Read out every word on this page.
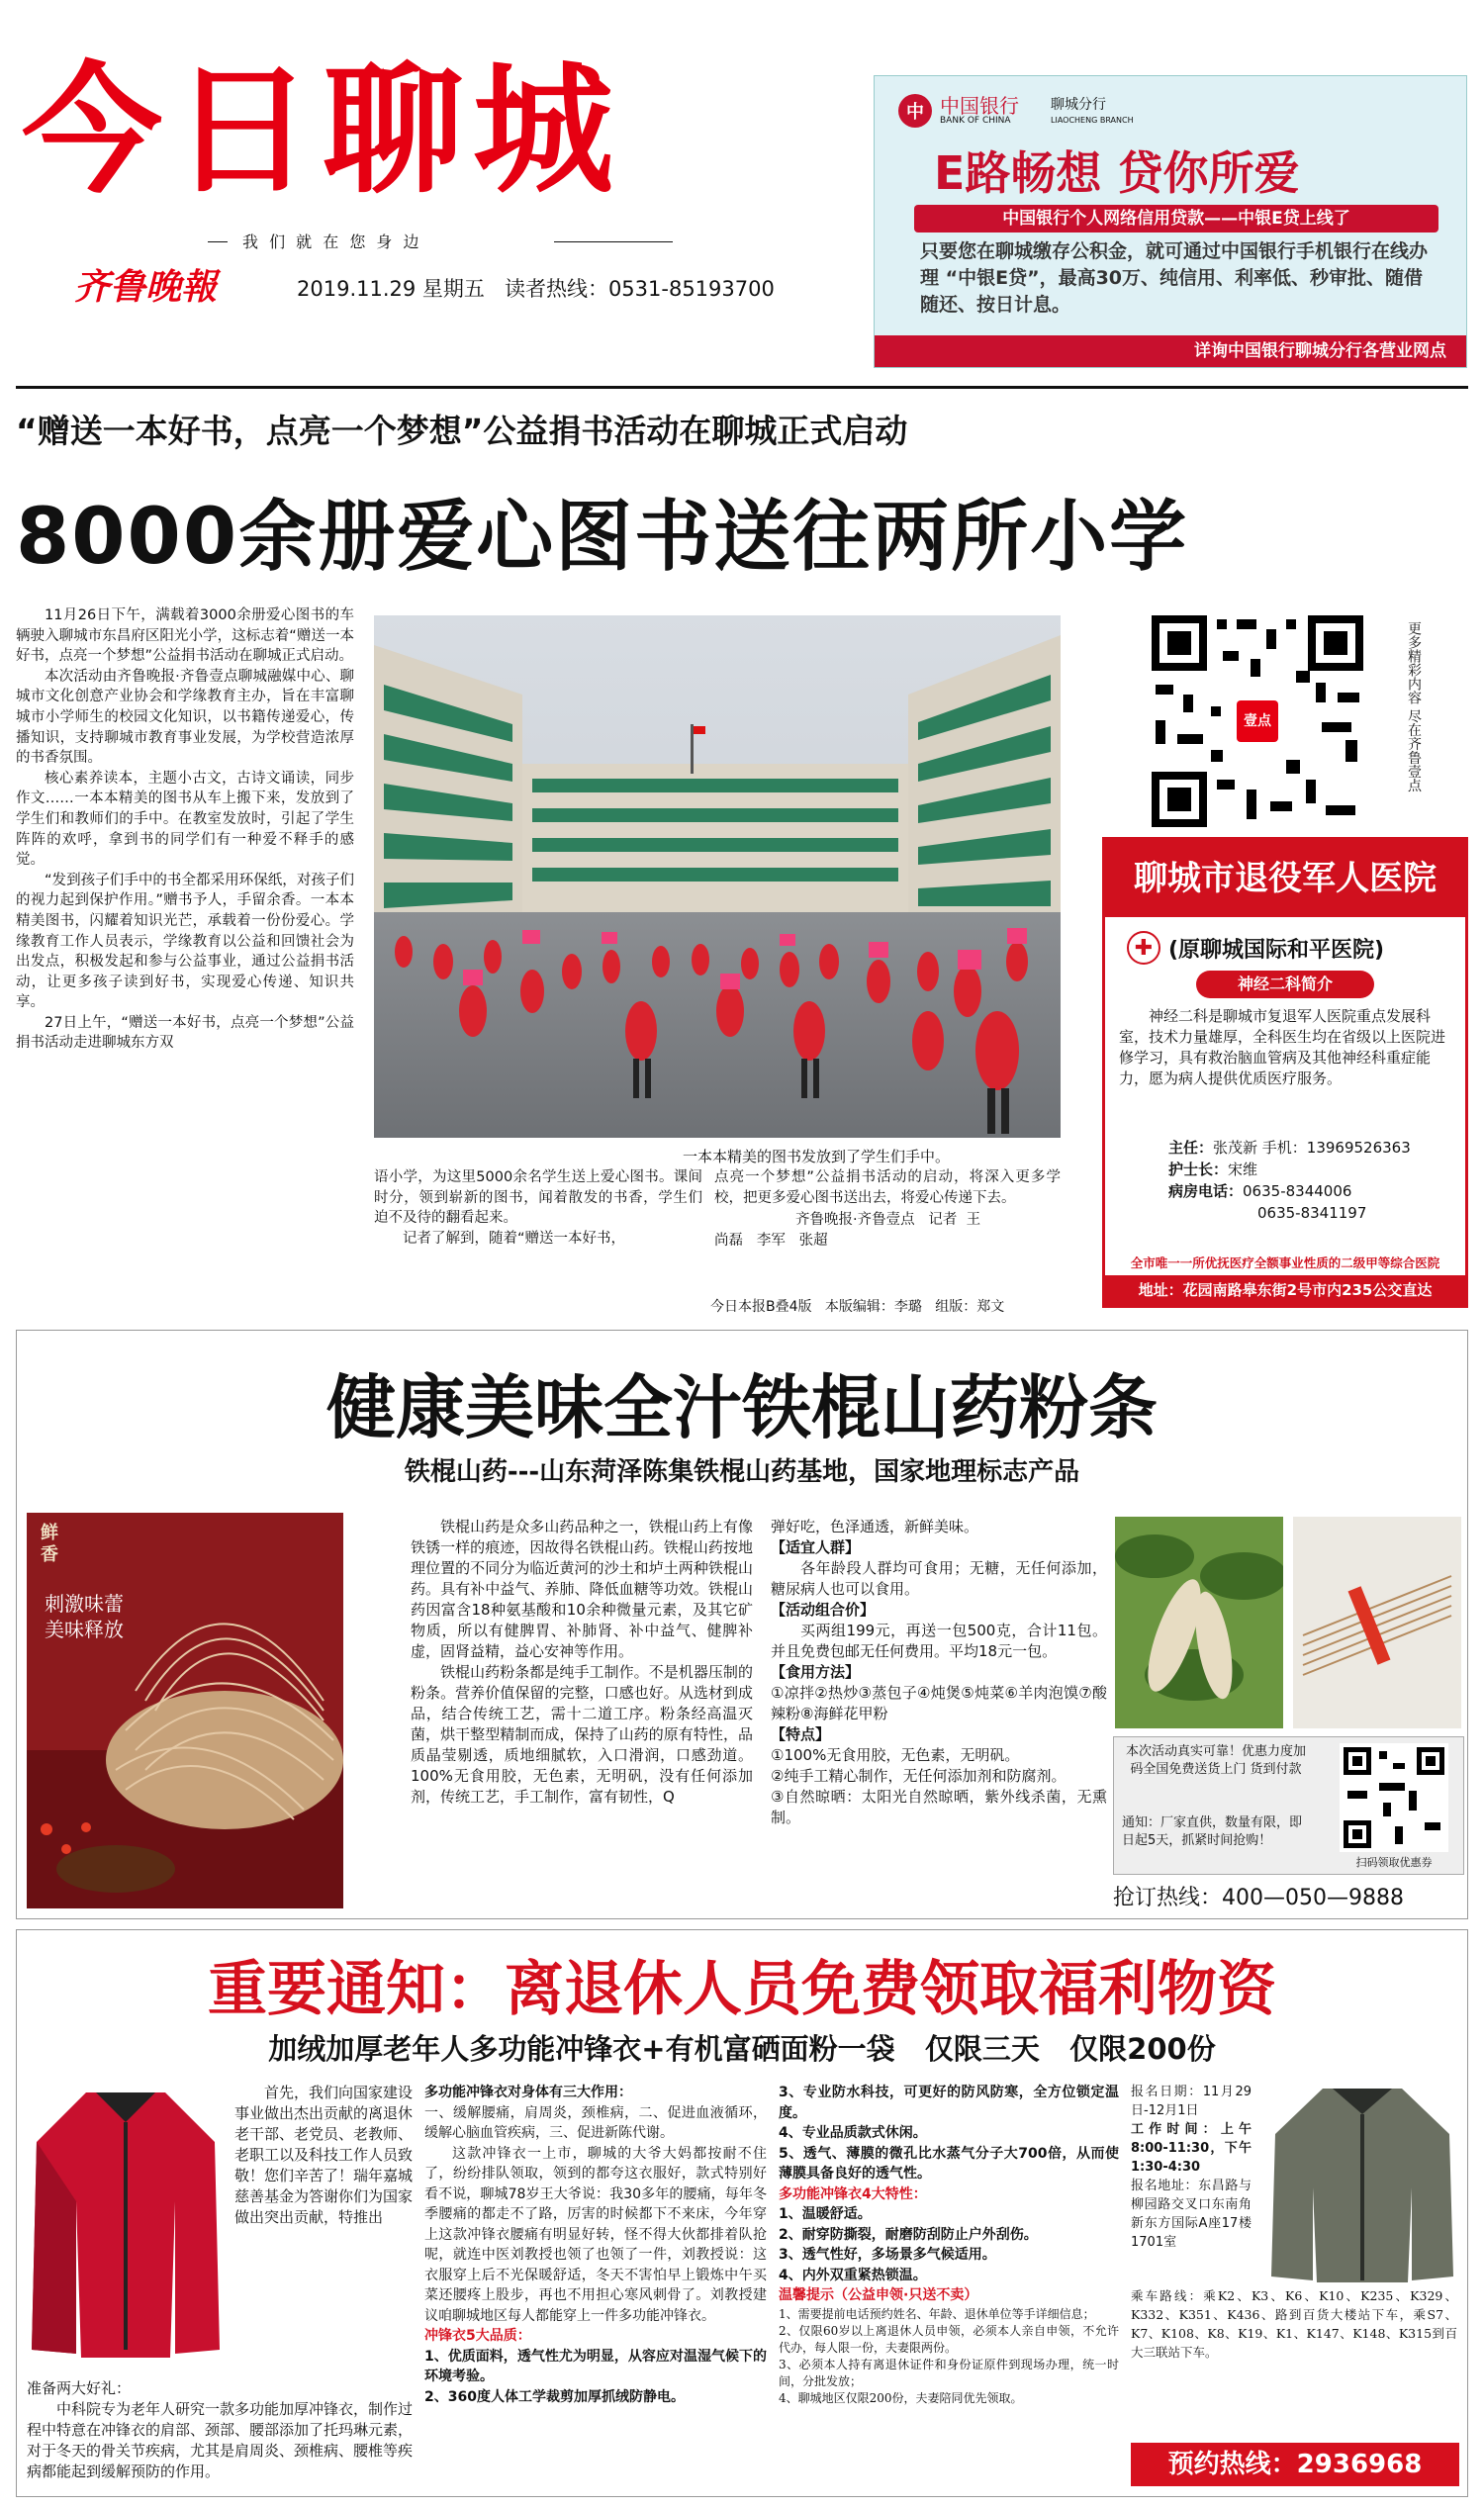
今日聊城
我 们 就 在 您 身 边
齐鲁晚報	2019.11.29 星期五   读者热线：0531-85193700
中 中国银行
BANK OF CHINA
聊城分行
LIAOCHENG BRANCH
E路畅想 贷你所爱
中国银行个人网络信用贷款——中银E贷上线了
只要您在聊城缴存公积金，就可通过中国银行手机银行在线办理 “中银E贷”，最高30万、纯信用、利率低、秒审批、随借随还、按日计息。
详询中国银行聊城分行各营业网点
“赠送一本好书，点亮一个梦想”公益捐书活动在聊城正式启动
8000余册爱心图书送往两所小学

11月26日下午，满载着3000余册爱心图书的车辆驶入聊城市东昌府区阳光小学，这标志着“赠送一本好书，点亮一个梦想”公益捐书活动在聊城正式启动。

本次活动由齐鲁晚报·齐鲁壹点聊城融媒中心、聊城市文化创意产业协会和学缘教育主办，旨在丰富聊城市小学师生的校园文化知识，以书籍传递爱心，传播知识，支持聊城市教育事业发展，为学校营造浓厚的书香氛围。

核心素养读本，主题小古文，古诗文诵读，同步作文……一本本精美的图书从车上搬下来，发放到了学生们和教师们的手中。在教室发放时，引起了学生阵阵的欢呼，拿到书的同学们有一种爱不释手的感觉。

“发到孩子们手中的书全都采用环保纸，对孩子们的视力起到保护作用。”赠书予人，手留余香。一本本精美图书，闪耀着知识光芒，承载着一份份爱心。学缘教育工作人员表示，学缘教育以公益和回馈社会为出发点，积极发起和参与公益事业，通过公益捐书活动，让更多孩子读到好书，实现爱心传递、知识共享。

27日上午，“赠送一本好书，点亮一个梦想”公益捐书活动走进聊城东方双

一本本精美的图书发放到了学生们手中。

语小学，为这里5000余名学生送上爱心图书。课间时分，领到崭新的图书，闻着散发的书香，学生们迫不及待的翻看起来。

记者了解到，随着“赠送一本好书，

点亮一个梦想”公益捐书活动的启动，将深入更多学校，把更多爱心图书送出去，将爱心传递下去。

齐鲁晚报·齐鲁壹点   记者  王
尚磊   李军   张超
今日本报B叠4版   本版编辑：李璐   组版：郑文
壹点	更多精彩内容 尽在齐鲁壹点
聊城市退役军人医院
✚ (原聊城国际和平医院)
神经二科简介
神经二科是聊城市复退军人医院重点发展科室，技术力量雄厚，全科医生均在省级以上医院进修学习，具有救治脑血管病及其他神经科重症能力，愿为病人提供优质医疗服务。
主任：张茂新 手机：13969526363
护士长：宋维
病房电话：0635-8344006
0635-8341197
全市唯一一所优抚医疗全额事业性质的二级甲等综合医院
地址：花园南路皋东街2号市内235公交直达
健康美味全汁铁棍山药粉条
铁棍山药---山东菏泽陈集铁棍山药基地，国家地理标志产品
鲜香
刺激味蕾
美味释放

铁棍山药是众多山药品种之一，铁棍山药上有像铁锈一样的痕迹，因故得名铁棍山药。铁棍山药按地理位置的不同分为临近黄河的沙土和垆土两种铁棍山药。具有补中益气、养肺、降低血糖等功效。铁棍山药因富含18种氨基酸和10余种微量元素，及其它矿物质，所以有健脾胃、补肺肾、补中益气、健脾补虚，固肾益精，益心安神等作用。

铁棍山药粉条都是纯手工制作。不是机器压制的粉条。营养价值保留的完整，口感也好。从选材到成品，结合传统工艺，需十二道工序。粉条经高温灭菌，烘干整型精制而成，保持了山药的原有特性，品质晶莹剔透，质地细腻软，入口滑润，口感劲道。100%无食用胶，无色素，无明矾，没有任何添加剂，传统工艺，手工制作，富有韧性，Q

弹好吃，色泽通透，新鲜美味。
【适宜人群】

各年龄段人群均可食用；无糖，无任何添加，糖尿病人也可以食用。

【活动组合价】

买两组199元，再送一包500克，合计11包。并且免费包邮无任何费用。平均18元一包。

【食用方法】
①凉拌②热炒③蒸包子④炖煲⑤炖菜⑥羊肉泡馍⑦酸辣粉⑧海鲜花甲粉
【特点】
①100%无食用胶，无色素，无明矾。
②纯手工精心制作，无任何添加剂和防腐剂。
③自然晾晒：太阳光自然晾晒，紫外线杀菌，无熏制。
本次活动真实可靠！优惠力度加码全国免费送货上门 货到付款
通知：厂家直供，数量有限，即日起5天，抓紧时间抢购！
扫码领取优惠券
抢订热线：400—050—9888
重要通知：离退休人员免费领取福利物资
加绒加厚老年人多功能冲锋衣+有机富硒面粉一袋   仅限三天   仅限200份
首先，我们向国家建设事业做出杰出贡献的离退休老干部、老党员、老教师、老职工以及科技工作人员致敬！您们辛苦了！瑞年嘉城慈善基金为答谢你们为国家做出突出贡献，特推出
准备两大好礼：
中科院专为老年人研究一款多功能加厚冲锋衣，制作过程中特意在冲锋衣的肩部、颈部、腰部添加了托玛琳元素，对于冬天的骨关节疾病，尤其是肩周炎、颈椎病、腰椎等疾病都能起到缓解预防的作用。
多功能冲锋衣对身体有三大作用：
一、缓解腰痛，肩周炎，颈椎病，二、促进血液循环，缓解心脑血管疾病，三、促进新陈代谢。
这款冲锋衣一上市，聊城的大爷大妈都按耐不住了，纷纷排队领取，领到的都夸这衣服好，款式特别好看不说，聊城78岁王大爷说：我30多年的腰痛，每年冬季腰痛的都走不了路，厉害的时候都下不来床，今年穿上这款冲锋衣腰痛有明显好转，怪不得大伙都排着队抢呢，就连中医刘教授也领了也领了一件，刘教授说：这衣服穿上后不光保暖舒适，冬天不害怕早上锻炼中午买菜还腰疼上股步，再也不用担心寒风刺骨了。刘教授建议咱聊城地区每人都能穿上一件多功能冲锋衣。
冲锋衣5大品质：
1、优质面料，透气性尤为明显，从容应对温湿气候下的环境考验。
2、360度人体工学裁剪加厚抓绒防静电。
3、专业防水科技，可更好的防风防寒，全方位锁定温度。
4、专业品质款式休闲。
5、透气、薄膜的微孔比水蒸气分子大700倍，从而使薄膜具备良好的透气性。
多功能冲锋衣4大特性：
1、温暖舒适。
2、耐穿防撕裂，耐磨防刮防止户外刮伤。
3、透气性好，多场景多气候适用。
4、内外双重紧热锁温。
温馨提示（公益申领·只送不卖）
1、需要提前电话预约姓名、年龄、退休单位等手详细信息；
2、仅限60岁以上离退休人员申领，必须本人亲自申领，不允许代办，每人限一份，夫妻限两份。
3、必须本人持有离退休证件和身份证原件到现场办理，统一时间，分批发放；
4、聊城地区仅限200份，夫妻陪同优先领取。
报名日期：11月29日-12月1日
工作时间：上午8:00-11:30，下午1:30-4:30
报名地址：东昌路与柳园路交叉口东南角新东方国际A座17楼1701室
乘车路线：乘K2、K3、K6、K10、K235、K329、K332、K351、K436、路到百货大楼站下车，乘S7、K7、K108、K8、K19、K1、K147、K148、K315到百大三联站下车。
预约热线：2936968
